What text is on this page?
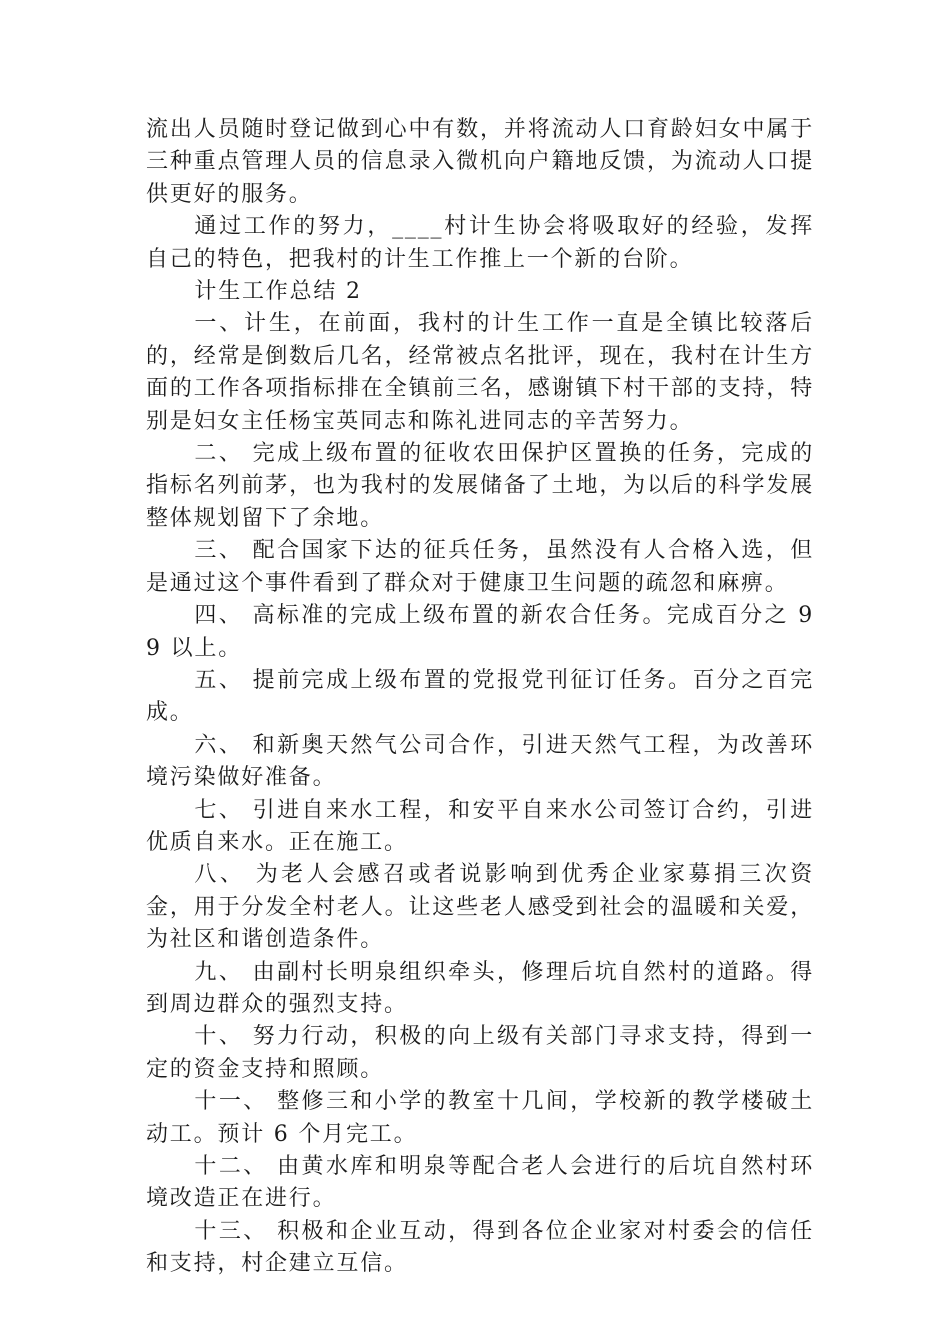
流出人员随时登记做到心中有数，并将流动人口育龄妇女中属于三种重点管理人员的信息录入微机向户籍地反馈，为流动人口提供更好的服务。

通过工作的努力，____村计生协会将吸取好的经验，发挥自己的特色，把我村的计生工作推上一个新的台阶。

计生工作总结 2

一、计生，在前面，我村的计生工作一直是全镇比较落后的，经常是倒数后几名，经常被点名批评，现在，我村在计生方面的工作各项指标排在全镇前三名，感谢镇下村干部的支持，特别是妇女主任杨宝英同志和陈礼进同志的辛苦努力。

二、 完成上级布置的征收农田保护区置换的任务，完成的指标名列前茅，也为我村的发展储备了土地，为以后的科学发展整体规划留下了余地。

三、 配合国家下达的征兵任务，虽然没有人合格入选，但是通过这个事件看到了群众对于健康卫生问题的疏忽和麻痹。

四、 高标准的完成上级布置的新农合任务。完成百分之 99 以上。

五、 提前完成上级布置的党报党刊征订任务。百分之百完成。

六、 和新奥天然气公司合作，引进天然气工程，为改善环境污染做好准备。

七、 引进自来水工程，和安平自来水公司签订合约，引进优质自来水。正在施工。

八、 为老人会感召或者说影响到优秀企业家募捐三次资金，用于分发全村老人。让这些老人感受到社会的温暖和关爱，为社区和谐创造条件。

九、 由副村长明泉组织牵头，修理后坑自然村的道路。得到周边群众的强烈支持。

十、 努力行动，积极的向上级有关部门寻求支持，得到一定的资金支持和照顾。

十一、 整修三和小学的教室十几间，学校新的教学楼破土动工。预计 6 个月完工。

十二、 由黄水库和明泉等配合老人会进行的后坑自然村环境改造正在进行。

十三、 积极和企业互动，得到各位企业家对村委会的信任和支持，村企建立互信。
